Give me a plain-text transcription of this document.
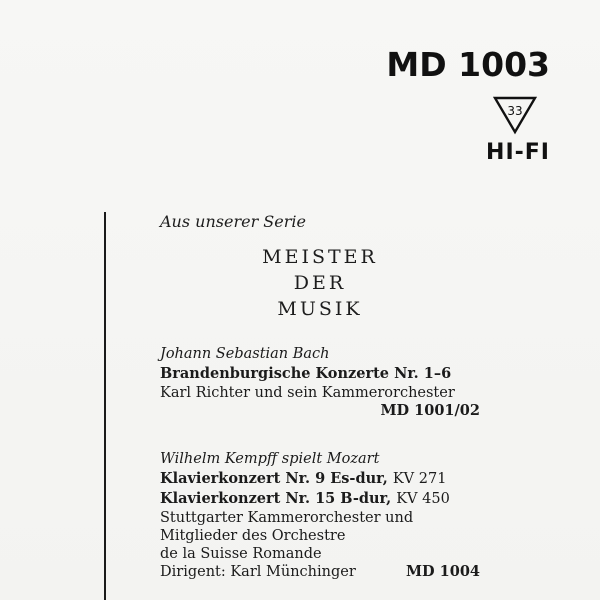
MD 1003
33
HI-FI
Aus unserer Serie
MEISTER
DER
MUSIK
Johann Sebastian Bach
Brandenburgische Konzerte Nr. 1–6
Karl Richter und sein Kammerorchester
MD 1001/02
Wilhelm Kempff spielt Mozart
Klavierkonzert Nr. 9 Es-dur, KV 271
Klavierkonzert Nr. 15 B-dur, KV 450
Stuttgarter Kammerorchester und
Mitglieder des Orchestre
de la Suisse Romande
Dirigent: Karl Münchinger	MD 1004
